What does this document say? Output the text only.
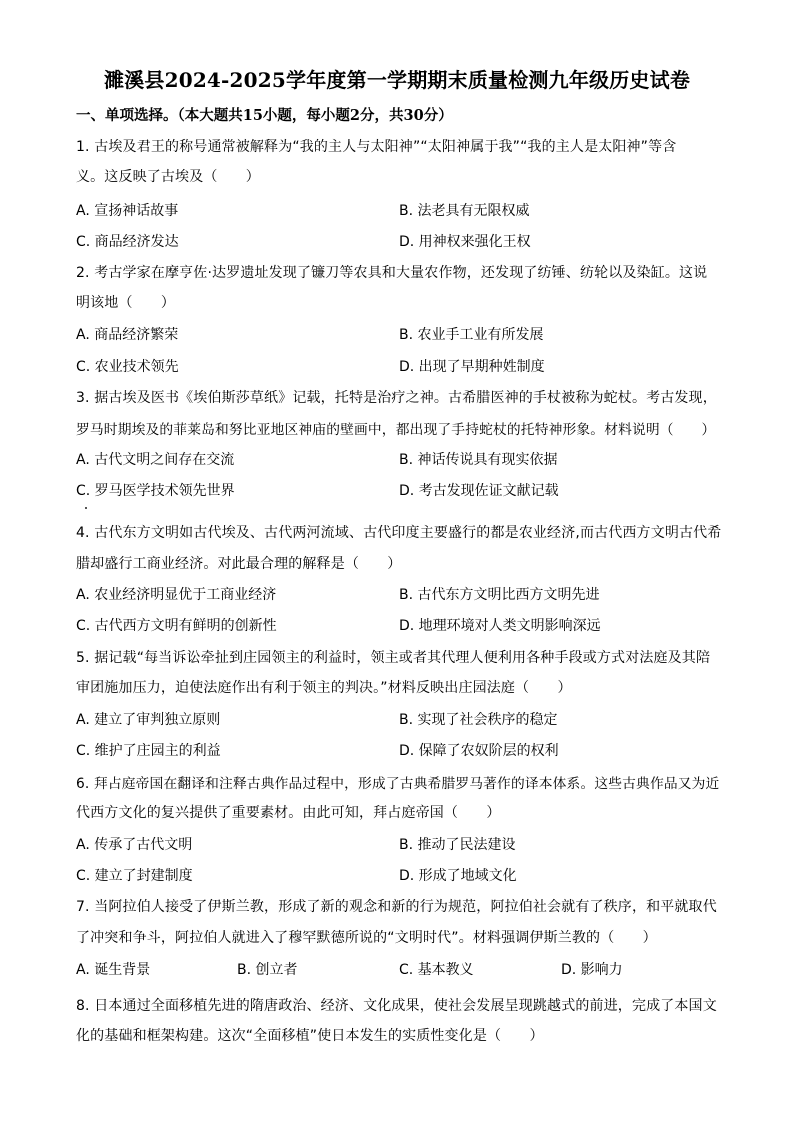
濉溪县2024-2025学年度第一学期期末质量检测九年级历史试卷
一、单项选择。（本大题共15小题，每小题2分，共30分）
1. 古埃及君王的称号通常被解释为“我的主人与太阳神”“太阳神属于我”“我的主人是太阳神”等含
义。这反映了古埃及（　　）
A. 宣扬神话故事	B. 法老具有无限权威
C. 商品经济发达	D. 用神权来强化王权
2. 考古学家在摩亨佐·达罗遗址发现了镰刀等农具和大量农作物，还发现了纺锤、纺轮以及染缸。这说
明该地（　　）
A. 商品经济繁荣	B. 农业手工业有所发展
C. 农业技术领先	D. 出现了早期种姓制度
3. 据古埃及医书《埃伯斯莎草纸》记载，托特是治疗之神。古希腊医神的手杖被称为蛇杖。考古发现，
罗马时期埃及的菲莱岛和努比亚地区神庙的壁画中，都出现了手持蛇杖的托特神形象。材料说明（　　）
A. 古代文明之间存在交流	B. 神话传说具有现实依据
C. 罗马医学技术领先世界	D. 考古发现佐证文献记载
4. 古代东方文明如古代埃及、古代两河流域、古代印度主要盛行的都是农业经济,而古代西方文明古代希
腊却盛行工商业经济。对此最合理的解释是（　　）
A. 农业经济明显优于工商业经济	B. 古代东方文明比西方文明先进
C. 古代西方文明有鲜明的创新性	D. 地理环境对人类文明影响深远
5. 据记载“每当诉讼牵扯到庄园领主的利益时，领主或者其代理人便利用各种手段或方式对法庭及其陪
审团施加压力，迫使法庭作出有利于领主的判决。”材料反映出庄园法庭（　　）
A. 建立了审判独立原则	B. 实现了社会秩序的稳定
C. 维护了庄园主的利益	D. 保障了农奴阶层的权利
6. 拜占庭帝国在翻译和注释古典作品过程中，形成了古典希腊罗马著作的译本体系。这些古典作品又为近
代西方文化的复兴提供了重要素材。由此可知，拜占庭帝国（　　）
A. 传承了古代文明	B. 推动了民法建设
C. 建立了封建制度	D. 形成了地域文化
7. 当阿拉伯人接受了伊斯兰教，形成了新的观念和新的行为规范，阿拉伯社会就有了秩序，和平就取代
了冲突和争斗，阿拉伯人就进入了穆罕默德所说的“文明时代”。材料强调伊斯兰教的（　　）
A. 诞生背景	B. 创立者	C. 基本教义	D. 影响力
8. 日本通过全面移植先进的隋唐政治、经济、文化成果，使社会发展呈现跳越式的前进，完成了本国文
化的基础和框架构建。这次“全面移植”使日本发生的实质性变化是（　　）
